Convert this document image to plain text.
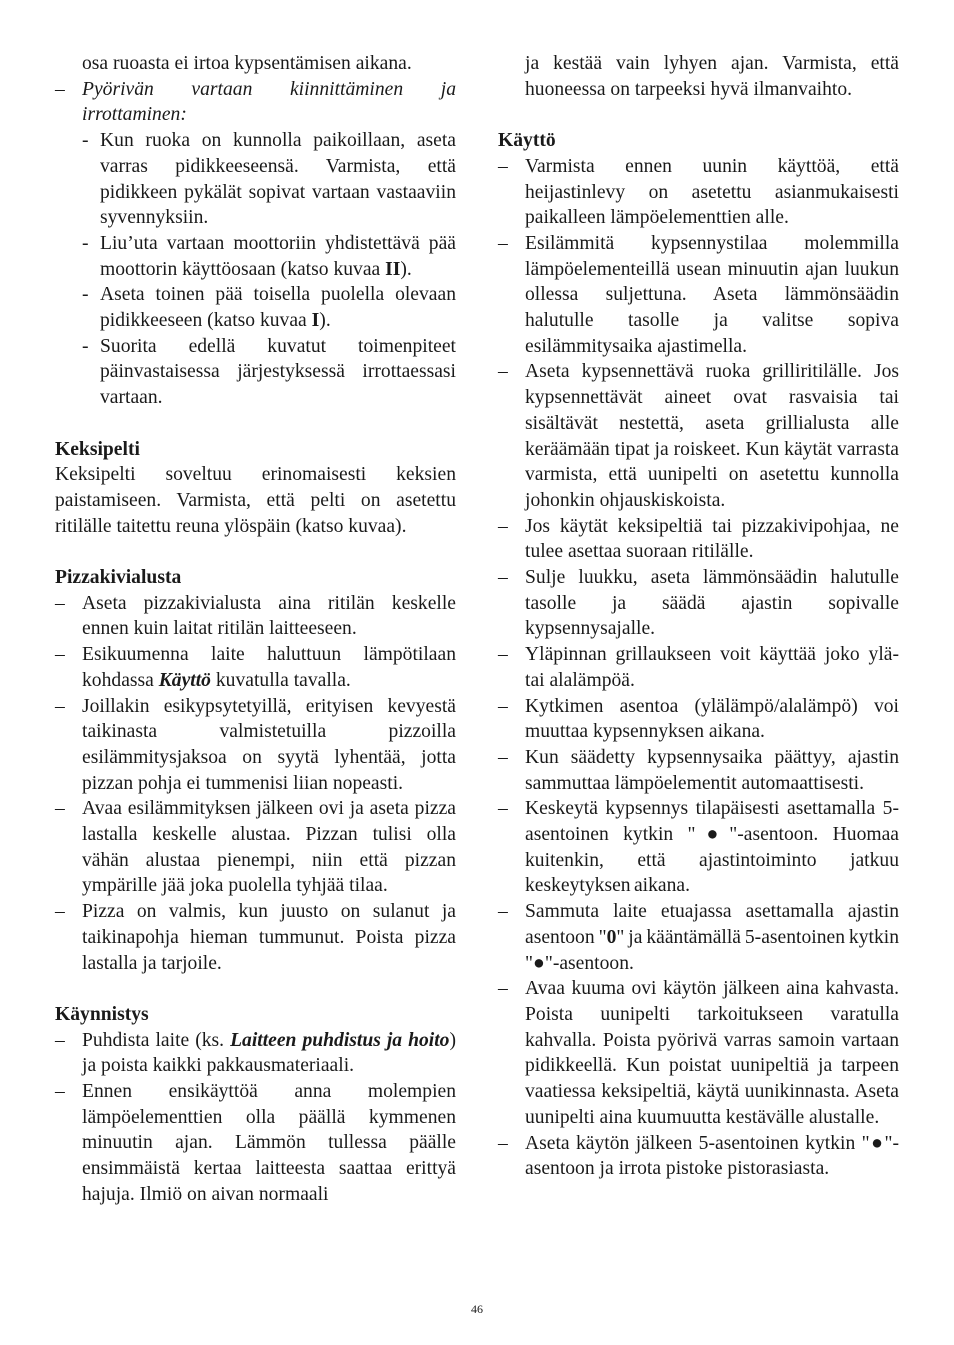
osa ruoasta ei irtoa kypsentämisen aikana.

– Pyörivän vartaan kiinnittäminen ja irrottaminen:

- Kun ruoka on kunnolla paikoillaan, aseta varras pidikkeeseensä. Varmista, että pidikkeen pykälät sopivat vartaan vastaaviin syvennyksiin.

- Liu’uta vartaan moottoriin yhdistettävä pää moottorin käyttöosaan (katso kuvaa II).

- Aseta toinen pää toisella puolella olevaan pidikkeeseen (katso kuvaa I).

- Suorita edellä kuvatut toimenpiteet päinvastaisessa järjestyksessä irrottaessasi vartaan.

Keksipelti

Keksipelti soveltuu erinomaisesti keksien paistamiseen. Varmista, että pelti on asetettu ritilälle taitettu reuna ylöspäin (katso kuvaa).

Pizzakivialusta

– Aseta pizzakivialusta aina ritilän keskelle ennen kuin laitat ritilän laitteeseen.

– Esikuumenna laite haluttuun lämpötilaan kohdassa Käyttö kuvatulla tavalla.

– Joillakin esikypsytetyillä, erityisen kevyestä taikinasta valmistetuilla pizzoilla esilämmitysjaksoa on syytä lyhentää, jotta pizzan pohja ei tummenisi liian nopeasti.

– Avaa esilämmityksen jälkeen ovi ja aseta pizza lastalla keskelle alustaa. Pizzan tulisi olla vähän alustaa pienempi, niin että pizzan ympärille jää joka puolella tyhjää tilaa.

– Pizza on valmis, kun juusto on sulanut ja taikinapohja hieman tummunut. Poista pizza lastalla ja tarjoile.

Käynnistys

– Puhdista laite (ks. Laitteen puhdistus ja hoito) ja poista kaikki pakkausmateriaali.

– Ennen ensikäyttöä anna molempien lämpöelementtien olla päällä kymmenen minuutin ajan. Lämmön tullessa päälle ensimmäistä kertaa laitteesta saattaa erittyä hajuja. Ilmiö on aivan normaali

ja kestää vain lyhyen ajan. Varmista, että huoneessa on tarpeeksi hyvä ilmanvaihto.

Käyttö

– Varmista ennen uunin käyttöä, että heijastinlevy on asetettu asianmukaisesti paikalleen lämpöelementtien alle.

– Esilämmitä kypsennystilaa molemmilla lämpöelementeillä usean minuutin ajan luukun ollessa suljettuna. Aseta lämmönsäädin halutulle tasolle ja valitse sopiva esilämmitysaika ajastimella.

– Aseta kypsennettävä ruoka grilliritilälle. Jos kypsennettävät aineet ovat rasvaisia tai sisältävät nestettä, aseta grillialusta alle keräämään tipat ja roiskeet. Kun käytät varrasta varmista, että uunipelti on asetettu kunnolla johonkin ohjauskiskoista.

– Jos käytät keksipeltiä tai pizzakivipohjaa, ne tulee asettaa suoraan ritilälle.

– Sulje luukku, aseta lämmönsäädin halutulle tasolle ja säädä ajastin sopivalle kypsennysajalle.

– Yläpinnan grillaukseen voit käyttää joko ylä- tai alalämpöä.

– Kytkimen asentoa (ylälämpö/alalämpö) voi muuttaa kypsennyksen aikana.

– Kun säädetty kypsennysaika päättyy, ajastin sammuttaa lämpöelementit automaattisesti.

– Keskeytä kypsennys tilapäisesti asettamalla 5-asentoinen kytkin "●"-asentoon. Huomaa kuitenkin, että ajastintoiminto jatkuu keskeytyksen aikana.

– Sammuta laite etuajassa asettamalla ajastin asentoon "0" ja kääntämällä 5-asentoinen kytkin "●"-asentoon.

– Avaa kuuma ovi käytön jälkeen aina kahvasta. Poista uunipelti tarkoitukseen varatulla kahvalla. Poista pyörivä varras samoin vartaan pidikkeellä. Kun poistat uunipeltiä ja tarpeen vaatiessa keksipeltiä, käytä uunikinnasta. Aseta uunipelti aina kuumuutta kestävälle alustalle.

– Aseta käytön jälkeen 5-asentoinen kytkin "●"-asentoon ja irrota pistoke pistorasiasta.

46
